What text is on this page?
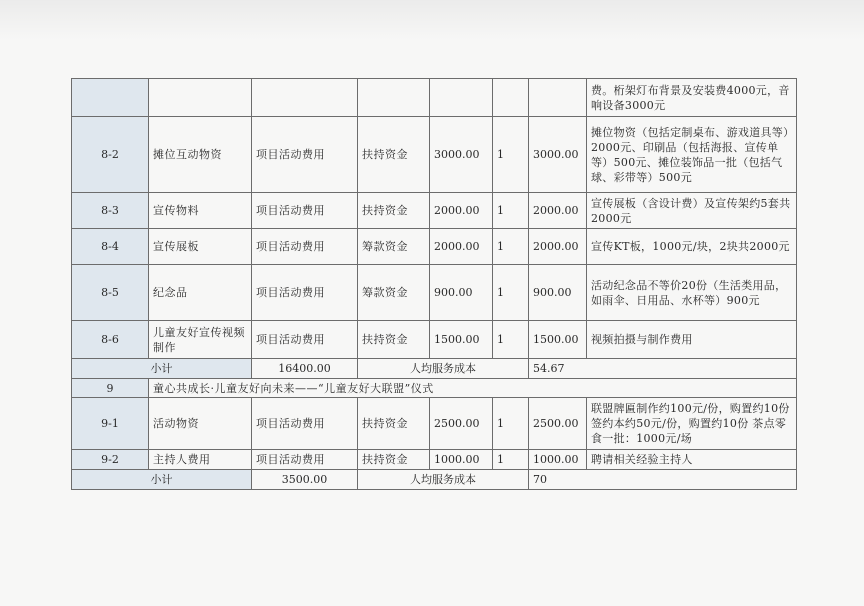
							费。桁架灯布背景及安装费4000元，音响设备3000元
8-2	摊位互动物资	项目活动费用	扶持资金	3000.00	1	3000.00	摊位物资（包括定制桌布、游戏道具等）2000元、印刷品（包括海报、宣传单等）500元、摊位装饰品一批（包括气球、彩带等）500元
8-3	宣传物料	项目活动费用	扶持资金	2000.00	1	2000.00	宣传展板（含设计费）及宣传架约5套共2000元
8-4	宣传展板	项目活动费用	筹款资金	2000.00	1	2000.00	宣传KT板，1000元/块，2块共2000元
8-5	纪念品	项目活动费用	筹款资金	900.00	1	900.00	活动纪念品不等价20份（生活类用品，如雨伞、日用品、水杯等）900元
8-6	儿童友好宣传视频制作	项目活动费用	扶持资金	1500.00	1	1500.00	视频拍摄与制作费用
小计		16400.00	人均服务成本			54.67	
9	童心共成长·儿童友好向未来——“儿童友好大联盟”仪式						
9-1	活动物资	项目活动费用	扶持资金	2500.00	1	2500.00	联盟牌匾制作约100元/份，购置约10份 签约本约50元/份，购置约10份 茶点零食一批：1000元/场
9-2	主持人费用	项目活动费用	扶持资金	1000.00	1	1000.00	聘请相关经验主持人
小计		3500.00	人均服务成本			70	
